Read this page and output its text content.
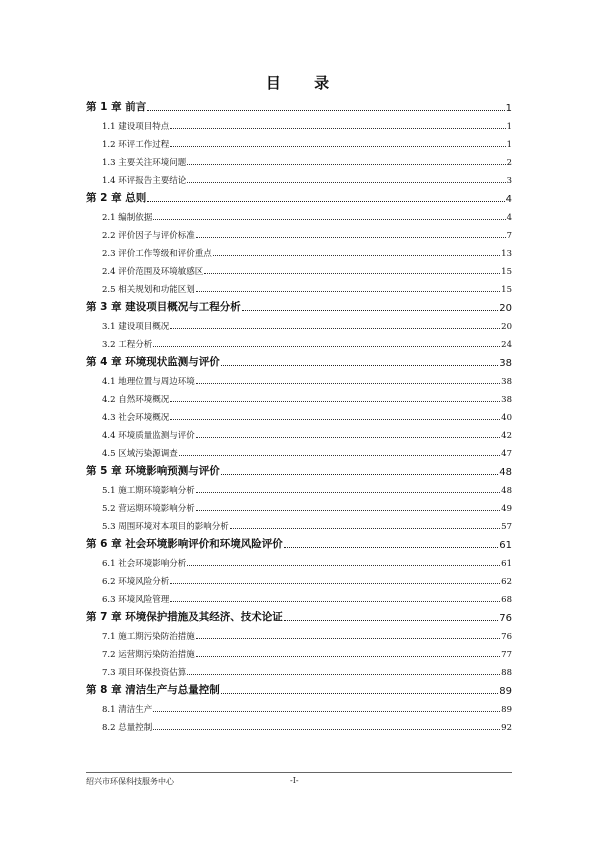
目 录
第 1 章 前言	1
1.1 建设项目特点	1
1.2 环评工作过程	1
1.3 主要关注环境问题	2
1.4 环评报告主要结论	3
第 2 章 总则	4
2.1 编制依据	4
2.2 评价因子与评价标准	7
2.3 评价工作等级和评价重点	13
2.4 评价范围及环境敏感区	15
2.5 相关规划和功能区划	15
第 3 章 建设项目概况与工程分析	20
3.1 建设项目概况	20
3.2 工程分析	24
第 4 章 环境现状监测与评价	38
4.1 地理位置与周边环境	38
4.2 自然环境概况	38
4.3 社会环境概况	40
4.4 环境质量监测与评价	42
4.5 区域污染源调查	47
第 5 章 环境影响预测与评价	48
5.1 施工期环境影响分析	48
5.2 营运期环境影响分析	49
5.3 周围环境对本项目的影响分析	57
第 6 章 社会环境影响评价和环境风险评价	61
6.1 社会环境影响分析	61
6.2 环境风险分析	62
6.3 环境风险管理	68
第 7 章 环境保护措施及其经济、技术论证	76
7.1 施工期污染防治措施	76
7.2 运营期污染防治措施	77
7.3 项目环保投资估算	88
第 8 章 清洁生产与总量控制	89
8.1 清洁生产	89
8.2 总量控制	92
绍兴市环保科技服务中心	-I-
